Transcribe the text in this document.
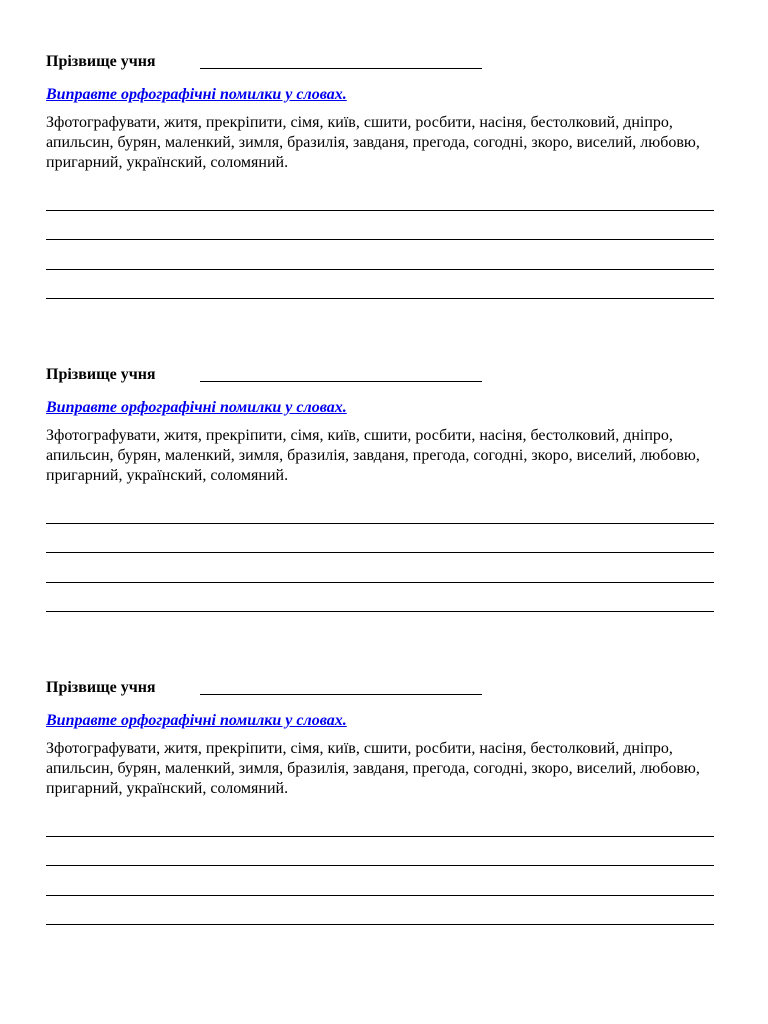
Прізвище учня
Виправте орфографічні помилки у словах.
Зфотографувати, житя, прекріпити, сімя, київ, сшити, росбити, насіня, бестолковий, дніпро, апильсин, бурян, маленкий, зимля, бразилія, завданя, прегода, согодні, зкоро, виселий, любовю, пригарний, українский, соломяний.
Прізвище учня
Виправте орфографічні помилки у словах.
Зфотографувати, житя, прекріпити, сімя, київ, сшити, росбити, насіня, бестолковий, дніпро, апильсин, бурян, маленкий, зимля, бразилія, завданя, прегода, согодні, зкоро, виселий, любовю, пригарний, українский, соломяний.
Прізвище учня
Виправте орфографічні помилки у словах.
Зфотографувати, житя, прекріпити, сімя, київ, сшити, росбити, насіня, бестолковий, дніпро, апильсин, бурян, маленкий, зимля, бразилія, завданя, прегода, согодні, зкоро, виселий, любовю, пригарний, українский, соломяний.
